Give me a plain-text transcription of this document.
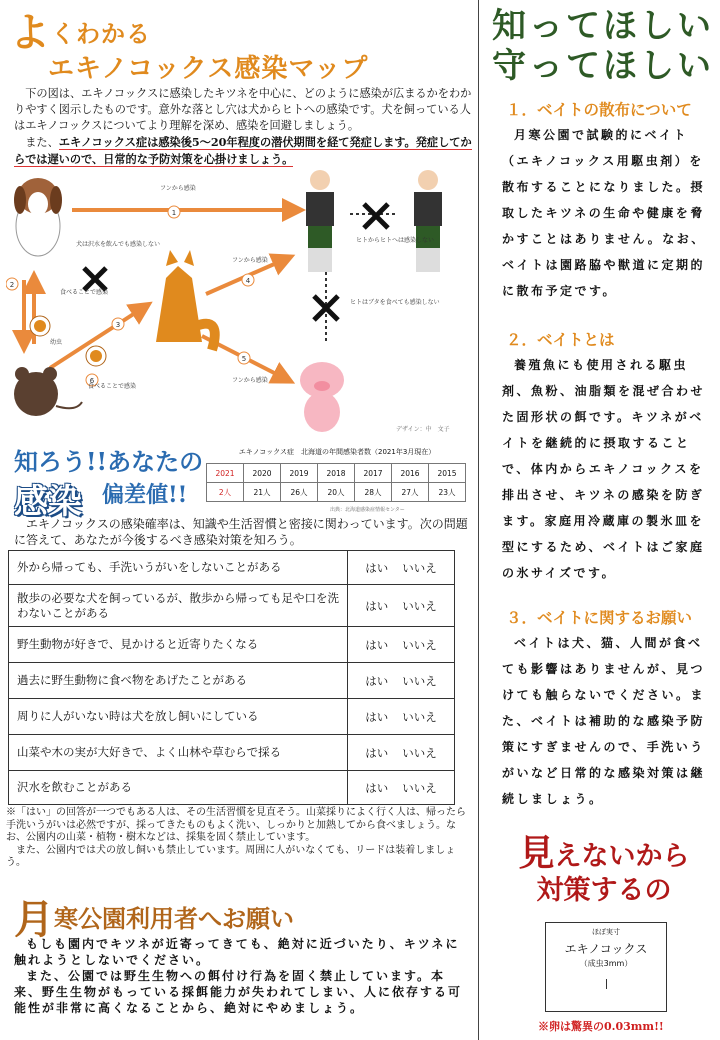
よくわかる
エキノコックス感染マップ

下の図は、エキノコックスに感染したキツネを中心に、どのように感染が広まるかをわかりやすく図示したものです。意外な落とし穴は犬からヒトへの感染です。犬を飼っている人はエキノコックスについてより理解を深め、感染を回避しましょう。

また、エキノコックス症は感染後5〜20年程度の潜伏期間を経て発症します。発症してからでは遅いので、日常的な予防対策を心掛けましょう。

1
2
3
4
5
6
フンから感染
犬は沢水を飲んでも感染しない
食べることで感染
幼虫
食べることで感染
フンから感染
フンから感染
ヒトからヒトへは感染しない
ヒトはブタを食べても感染しない
デザイン：中　文子
知ろう!!あなたの
感染 偏差値!!
エキノコックス症　北海道の年間感染者数（2021年3月現在）
2021	2020	2019	2018	2017	2016	2015
2人	21人	26人	20人	28人	27人	23人
出典：北海道感染症情報センター

エキノコックスの感染確率は、知識や生活習慣と密接に関わっています。次の問題に答えて、あなたが今後するべき感染対策を知ろう。

外から帰っても、手洗いうがいをしないことがある	はい いいえ
散歩の必要な犬を飼っているが、散歩から帰っても足や口を洗わないことがある	はい いいえ
野生動物が好きで、見かけると近寄りたくなる	はい いいえ
過去に野生動物に食べ物をあげたことがある	はい いいえ
周りに人がいない時は犬を放し飼いにしている	はい いいえ
山菜や木の実が大好きで、よく山林や草むらで採る	はい いいえ
沢水を飲むことがある	はい いいえ

※「はい」の回答が一つでもある人は、その生活習慣を見直そう。山菜採りによく行く人は、帰ったら手洗いうがいは必然ですが、採ってきたものもよく洗い、しっかりと加熱してから食べましょう。なお、公園内の山菜・植物・樹木などは、採集を固く禁止しています。

また、公園内では犬の放し飼いも禁止しています。周囲に人がいなくても、リードは装着しましょう。

月寒公園利用者へお願い

もしも園内でキツネが近寄ってきても、絶対に近づいたり、キツネに触れようとしないでください。

また、公園では野生生物への餌付け行為を固く禁止しています。本来、野生生物がもっている採餌能力が失われてしまい、人に依存する可能性が非常に高くなることから、絶対にやめましょう。

知ってほしい
守ってほしい
１．ベイトの散布について

月寒公園で試験的にベイト（エキノコックス用駆虫剤）を散布することになりました。摂取したキツネの生命や健康を脅かすことはありません。なお、ベイトは園路脇や獣道に定期的に散布予定です。

２．ベイトとは

養殖魚にも使用される駆虫剤、魚粉、油脂類を混ぜ合わせた固形状の餌です。キツネがベイトを継続的に摂取することで、体内からエキノコックスを排出させ、キツネの感染を防ぎます。家庭用冷蔵庫の製氷皿を型にするため、ベイトはご家庭の氷サイズです。

３．ベイトに関するお願い

ベイトは犬、猫、人間が食べても影響はありませんが、見つけても触らないでください。また、ベイトは補助的な感染予防策にすぎませんので、手洗いうがいなど日常的な感染対策は継続しましょう。

見えないから
対策するの
ほぼ実寸
エキノコックス
（成虫3mm）
※卵は驚異の0.03mm!!
